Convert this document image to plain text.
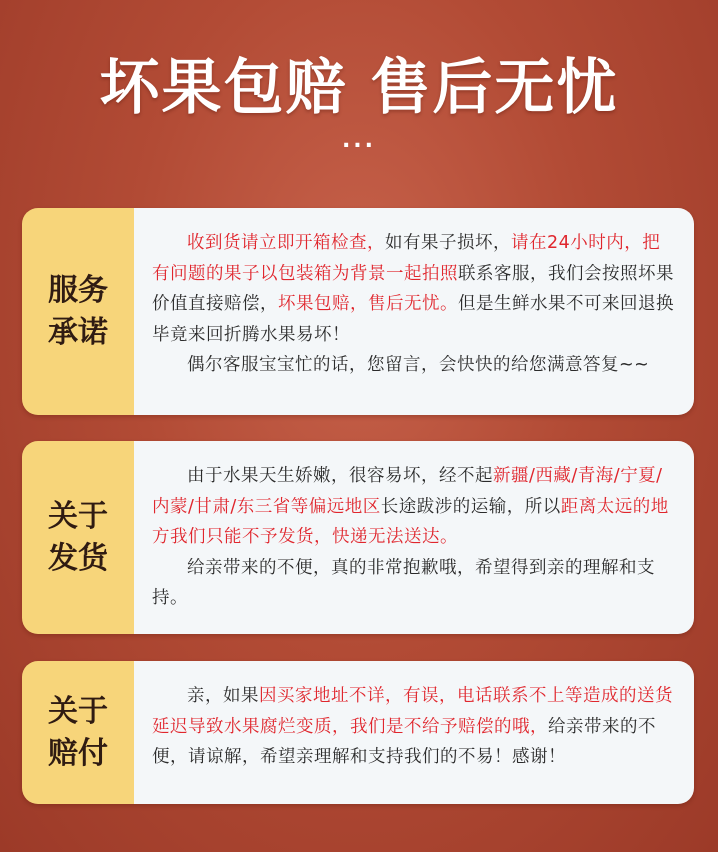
坏果包赔 售后无忧
...
服务
承诺

收到货请立即开箱检查，如有果子损坏，请在24小时内，把有问题的果子以包装箱为背景一起拍照联系客服，我们会按照坏果价值直接赔偿，坏果包赔，售后无忧。但是生鲜水果不可来回退换毕竟来回折腾水果易坏！

偶尔客服宝宝忙的话，您留言，会快快的给您满意答复~~

关于
发货

由于水果天生娇嫩，很容易坏，经不起新疆/西藏/青海/宁夏/内蒙/甘肃/东三省等偏远地区长途跋涉的运输，所以距离太远的地方我们只能不予发货，快递无法送达。

给亲带来的不便，真的非常抱歉哦，希望得到亲的理解和支持。

关于
赔付

亲，如果因买家地址不详，有误，电话联系不上等造成的送货延迟导致水果腐烂变质，我们是不给予赔偿的哦，给亲带来的不便，请谅解，希望亲理解和支持我们的不易！感谢！
